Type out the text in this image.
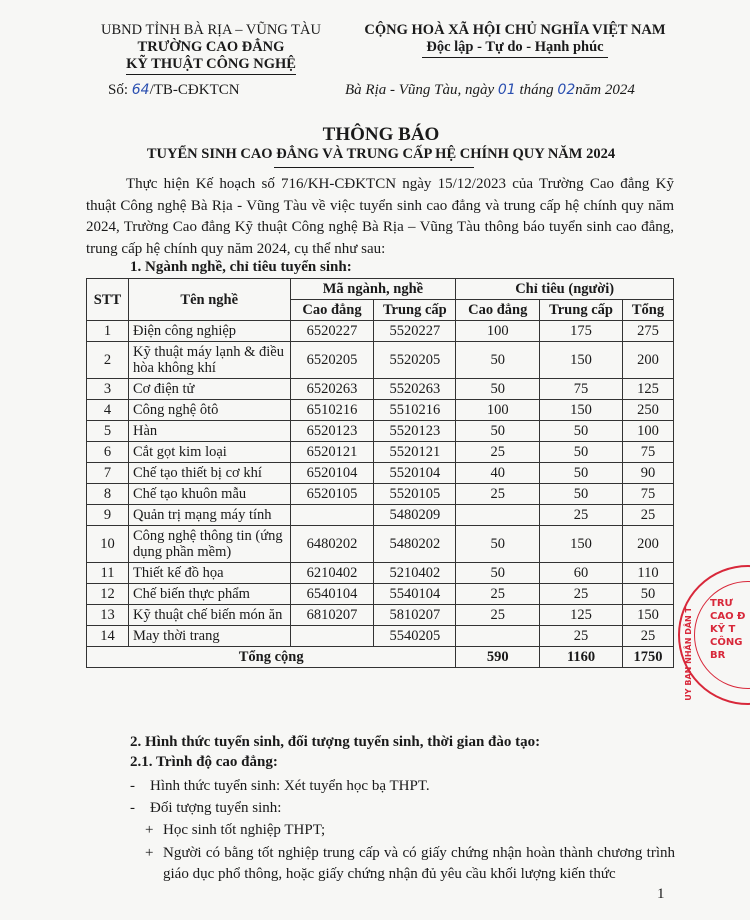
UBND TỈNH BÀ RỊA – VŨNG TÀU
TRƯỜNG CAO ĐẲNG
KỸ THUẬT CÔNG NGHỆ
CỘNG HOÀ XÃ HỘI CHỦ NGHĨA VIỆT NAM
Độc lập - Tự do - Hạnh phúc
Số: 64/TB-CĐKTCN	Bà Rịa - Vũng Tàu, ngày 01 tháng 02năm 2024
THÔNG BÁO
TUYỂN SINH CAO ĐẲNG VÀ TRUNG CẤP HỆ CHÍNH QUY NĂM 2024
Thực hiện Kế hoạch số 716/KH-CĐKTCN ngày 15/12/2023 của Trường Cao đẳng Kỹ thuật Công nghệ Bà Rịa - Vũng Tàu về việc tuyển sinh cao đẳng và trung cấp hệ chính quy năm 2024, Trường Cao đẳng Kỹ thuật Công nghệ Bà Rịa – Vũng Tàu thông báo tuyển sinh cao đẳng, trung cấp hệ chính quy năm 2024, cụ thể như sau:
1. Ngành nghề, chỉ tiêu tuyển sinh:
STT	Tên nghề	Mã ngành, nghề		Chỉ tiêu (người)		
		Cao đẳng	Trung cấp	Cao đẳng	Trung cấp	Tổng
1	Điện công nghiệp	6520227	5520227	100	175	275
2	Kỹ thuật máy lạnh & điều hòa không khí	6520205	5520205	50	150	200
3	Cơ điện tử	6520263	5520263	50	75	125
4	Công nghệ ôtô	6510216	5510216	100	150	250
5	Hàn	6520123	5520123	50	50	100
6	Cắt gọt kim loại	6520121	5520121	25	50	75
7	Chế tạo thiết bị cơ khí	6520104	5520104	40	50	90
8	Chế tạo khuôn mẫu	6520105	5520105	25	50	75
9	Quản trị mạng máy tính		5480209		25	25
10	Công nghệ thông tin (ứng dụng phần mềm)	6480202	5480202	50	150	200
11	Thiết kế đồ họa	6210402	5210402	50	60	110
12	Chế biến thực phẩm	6540104	5540104	25	25	50
13	Kỹ thuật chế biến món ăn	6810207	5810207	25	125	150
14	May thời trang		5540205		25	25
Tổng cộng				590	1160	1750
2. Hình thức tuyển sinh, đối tượng tuyển sinh, thời gian đào tạo:
2.1. Trình độ cao đẳng:
- Hình thức tuyển sinh: Xét tuyển học bạ THPT.
- Đối tượng tuyển sinh:
+ Học sinh tốt nghiệp THPT;
+ Người có bằng tốt nghiệp trung cấp và có giấy chứng nhận hoàn thành chương trình giáo dục phổ thông, hoặc giấy chứng nhận đủ yêu cầu khối lượng kiến thức
1
UY BAN NHÂN DÂN T
TRƯ
CAO Đ
KỸ T
CÔNG
BR
